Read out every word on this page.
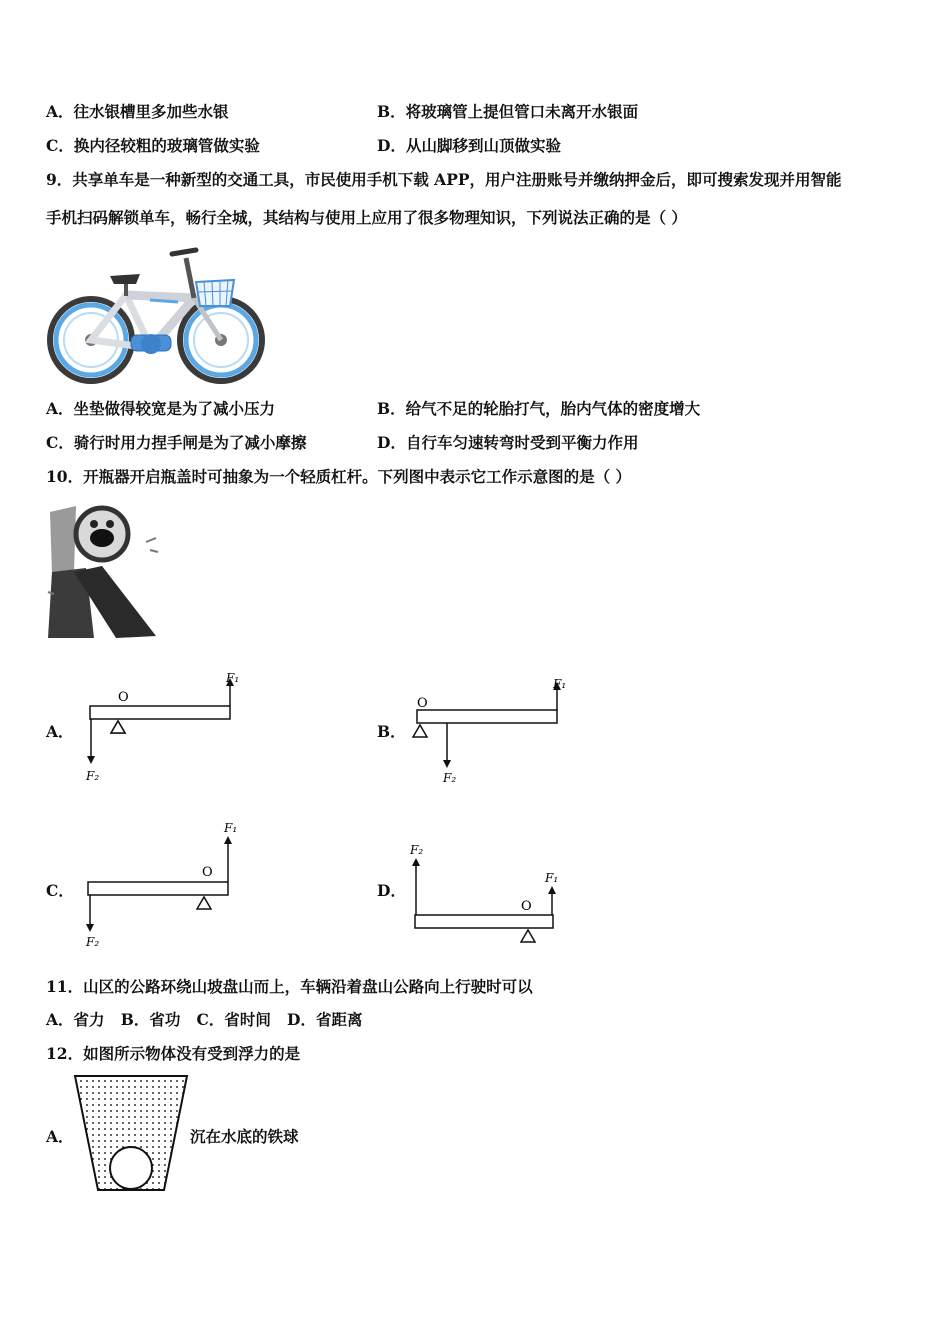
A．往水银槽里多加些水银	B．将玻璃管上提但管口未离开水银面
C．换内径较粗的玻璃管做实验	D．从山脚移到山顶做实验
9．共享单车是一种新型的交通工具，市民使用手机下载 APP，用户注册账号并缴纳押金后，即可搜索发现并用智能
手机扫码解锁单车，畅行全城，其结构与使用上应用了很多物理知识，下列说法正确的是（ ）
A．坐垫做得较宽是为了减小压力	B．给气不足的轮胎打气，胎内气体的密度增大
C．骑行时用力捏手闸是为了减小摩擦	D．自行车匀速转弯时受到平衡力作用
10．开瓶器开启瓶盖时可抽象为一个轻质杠杆。下列图中表示它工作示意图的是（ ）
A．
O
F₁
F₂
B．
O
F₁
F₂
C．
O
F₁
F₂
D．
O
F₁
F₂
11．山区的公路环绕山坡盘山而上，车辆沿着盘山公路向上行驶时可以
A．省力   B．省功   C．省时间   D．省距离
12．如图所示物体没有受到浮力的是
A．	沉在水底的铁球
